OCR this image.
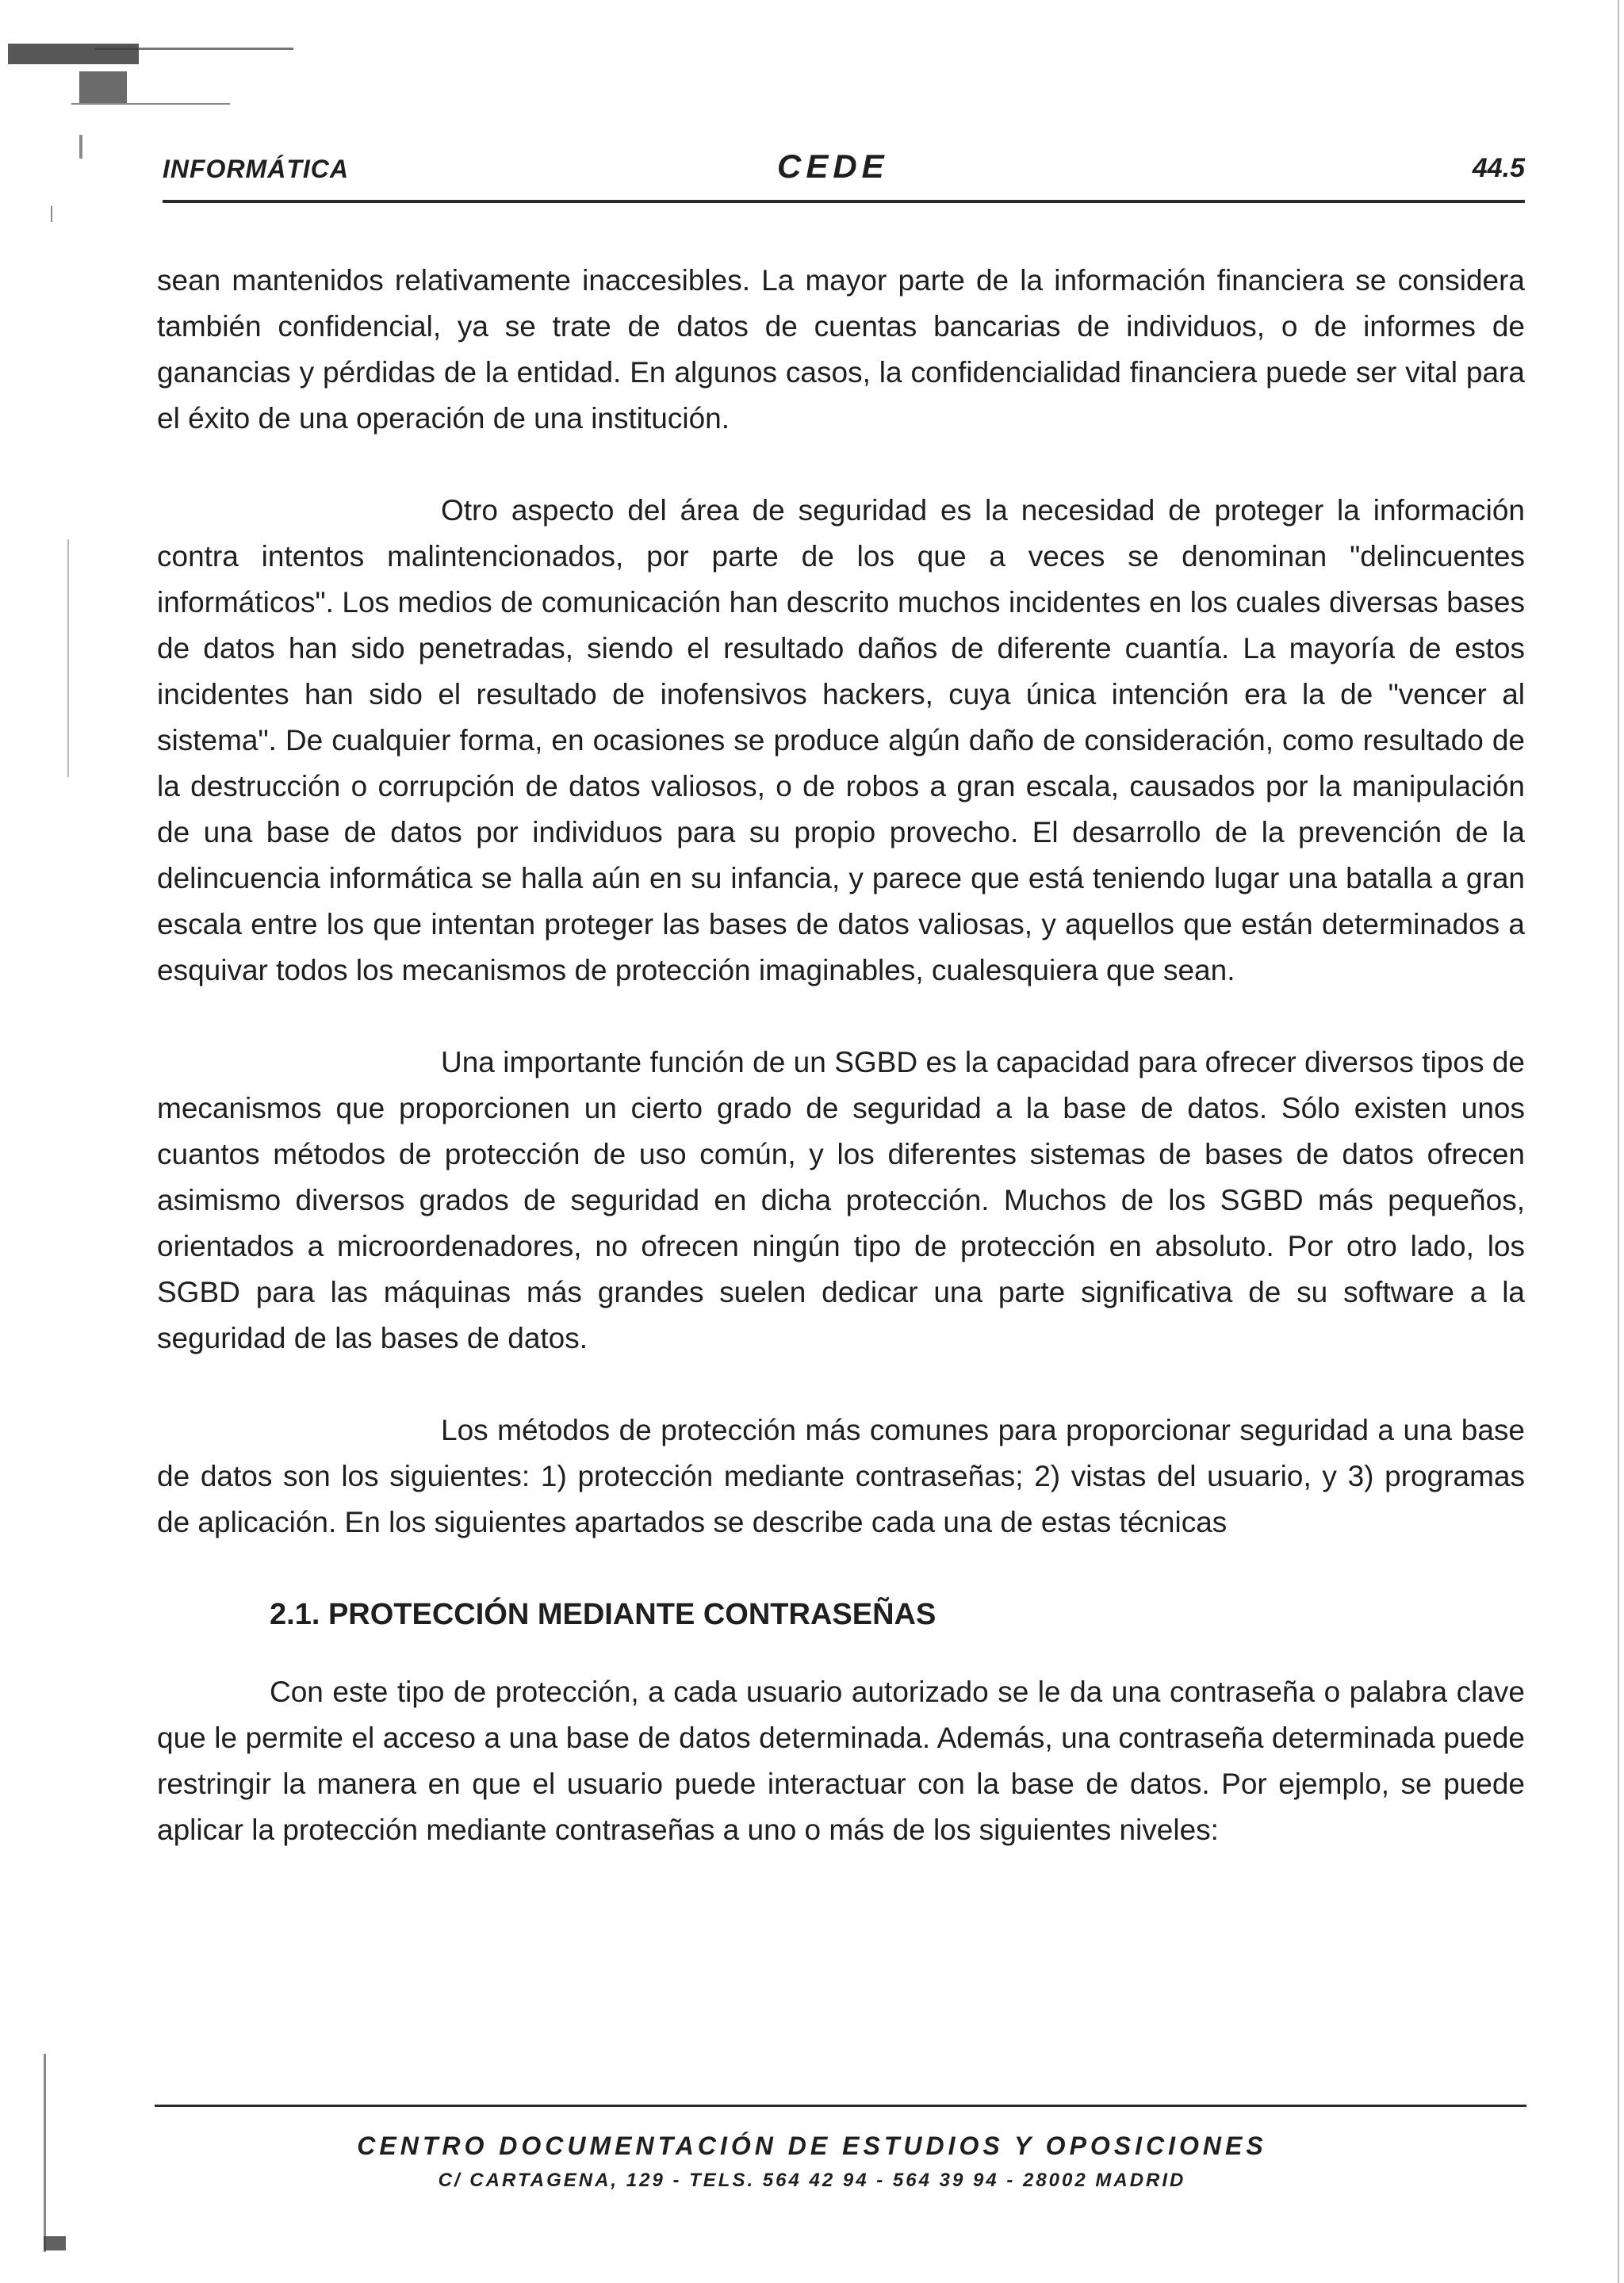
INFORMÁTICA	CEDE	44.5

sean mantenidos relativamente inaccesibles. La mayor parte de la información financiera se considera también confidencial, ya se trate de datos de cuentas bancarias de individuos, o de informes de ganancias y pérdidas de la entidad. En algunos casos, la confidencialidad financiera puede ser vital para el éxito de una operación de una institución.

Otro aspecto del área de seguridad es la necesidad de proteger la información contra intentos malintencionados, por parte de los que a veces se denominan "delincuentes informáticos". Los medios de comunicación han descrito muchos incidentes en los cuales diversas bases de datos han sido penetradas, siendo el resultado daños de diferente cuantía. La mayoría de estos incidentes han sido el resultado de inofensivos hackers, cuya única intención era la de "vencer al sistema". De cualquier forma, en ocasiones se produce algún daño de consideración, como resultado de la destrucción o corrupción de datos valiosos, o de robos a gran escala, causados por la manipulación de una base de datos por individuos para su propio provecho. El desarrollo de la prevención de la delincuencia informática se halla aún en su infancia, y parece que está teniendo lugar una batalla a gran escala entre los que intentan proteger las bases de datos valiosas, y aquellos que están determinados a esquivar todos los mecanismos de protección imaginables, cualesquiera que sean.

Una importante función de un SGBD es la capacidad para ofrecer diversos tipos de mecanismos que proporcionen un cierto grado de seguridad a la base de datos. Sólo existen unos cuantos métodos de protección de uso común, y los diferentes sistemas de bases de datos ofrecen asimismo diversos grados de seguridad en dicha protección. Muchos de los SGBD más pequeños, orientados a microordenadores, no ofrecen ningún tipo de protección en absoluto. Por otro lado, los SGBD para las máquinas más grandes suelen dedicar una parte significativa de su software a la seguridad de las bases de datos.

Los métodos de protección más comunes para proporcionar seguridad a una base de datos son los siguientes: 1) protección mediante contraseñas; 2) vistas del usuario, y 3) programas de aplicación. En los siguientes apartados se describe cada una de estas técnicas

2.1. PROTECCIÓN MEDIANTE CONTRASEÑAS

Con este tipo de protección, a cada usuario autorizado se le da una contraseña o palabra clave que le permite el acceso a una base de datos determinada. Además, una contraseña determinada puede restringir la manera en que el usuario puede interactuar con la base de datos. Por ejemplo, se puede aplicar la protección mediante contraseñas a uno o más de los siguientes niveles:

CENTRO DOCUMENTACIÓN DE ESTUDIOS Y OPOSICIONES
C/ CARTAGENA, 129 - TELS. 564 42 94 - 564 39 94 - 28002 MADRID
